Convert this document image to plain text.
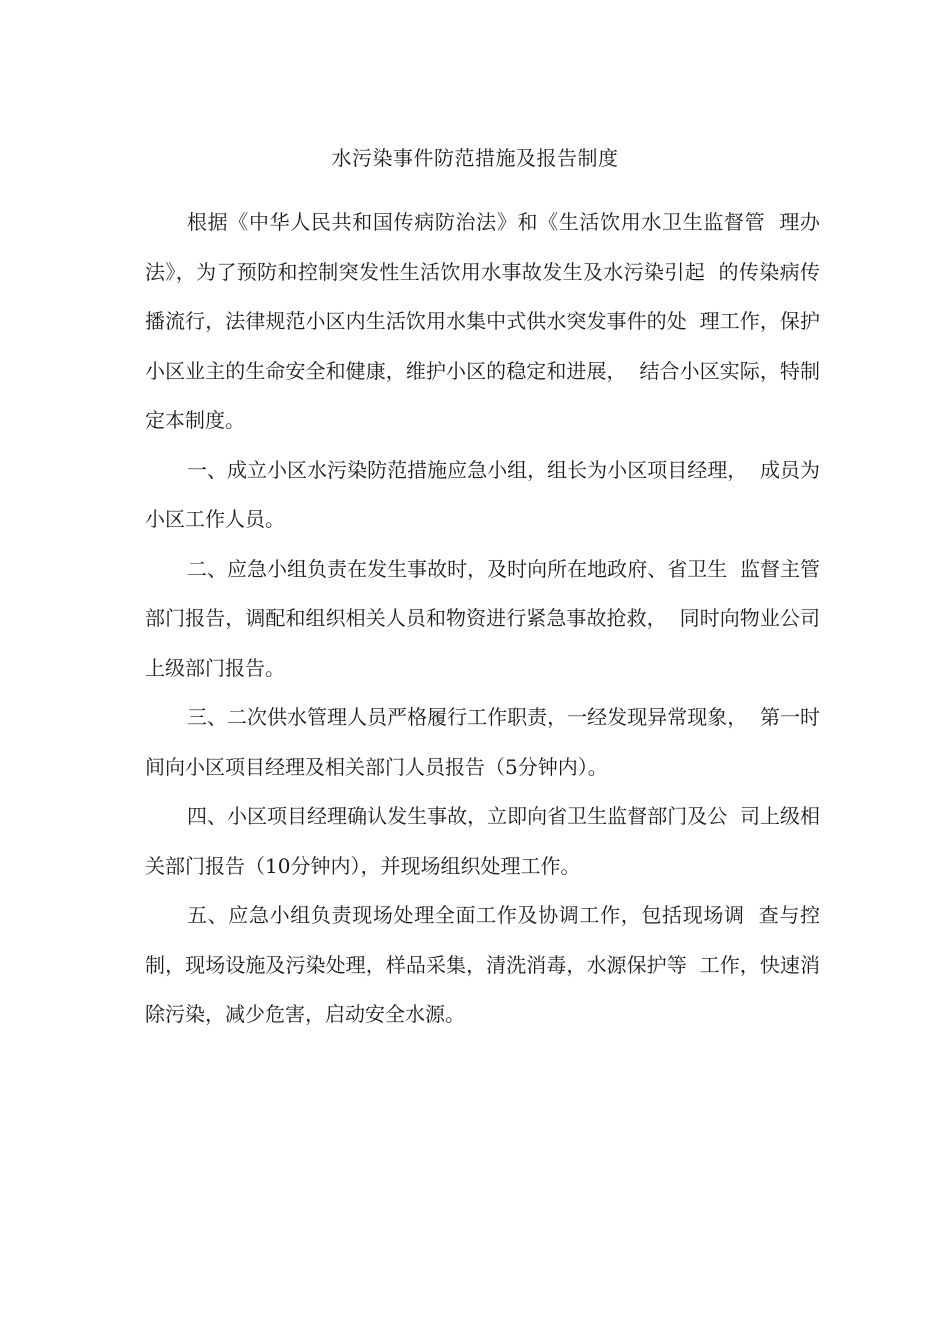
水污染事件防范措施及报告制度

根据《中华人民共和国传病防治法》和《生活饮用水卫生监督管  理办法》，为了预防和控制突发性生活饮用水事故发生及水污染引起  的传染病传播流行，法律规范小区内生活饮用水集中式供水突发事件的处  理工作，保护小区业主的生命安全和健康，维护小区的稳定和进展，  结合小区实际，特制定本制度。

一、成立小区水污染防范措施应急小组，组长为小区项目经理，  成员为小区工作人员。

二、应急小组负责在发生事故时，及时向所在地政府、省卫生  监督主管部门报告，调配和组织相关人员和物资进行紧急事故抢救，  同时向物业公司上级部门报告。

三、二次供水管理人员严格履行工作职责，一经发现异常现象，  第一时间向小区项目经理及相关部门人员报告（5分钟内）。

四、小区项目经理确认发生事故，立即向省卫生监督部门及公  司上级相关部门报告（10分钟内），并现场组织处理工作。

五、应急小组负责现场处理全面工作及协调工作，包括现场调  查与控制，现场设施及污染处理，样品采集，清洗消毒，水源保护等  工作，快速消除污染，减少危害，启动安全水源。
